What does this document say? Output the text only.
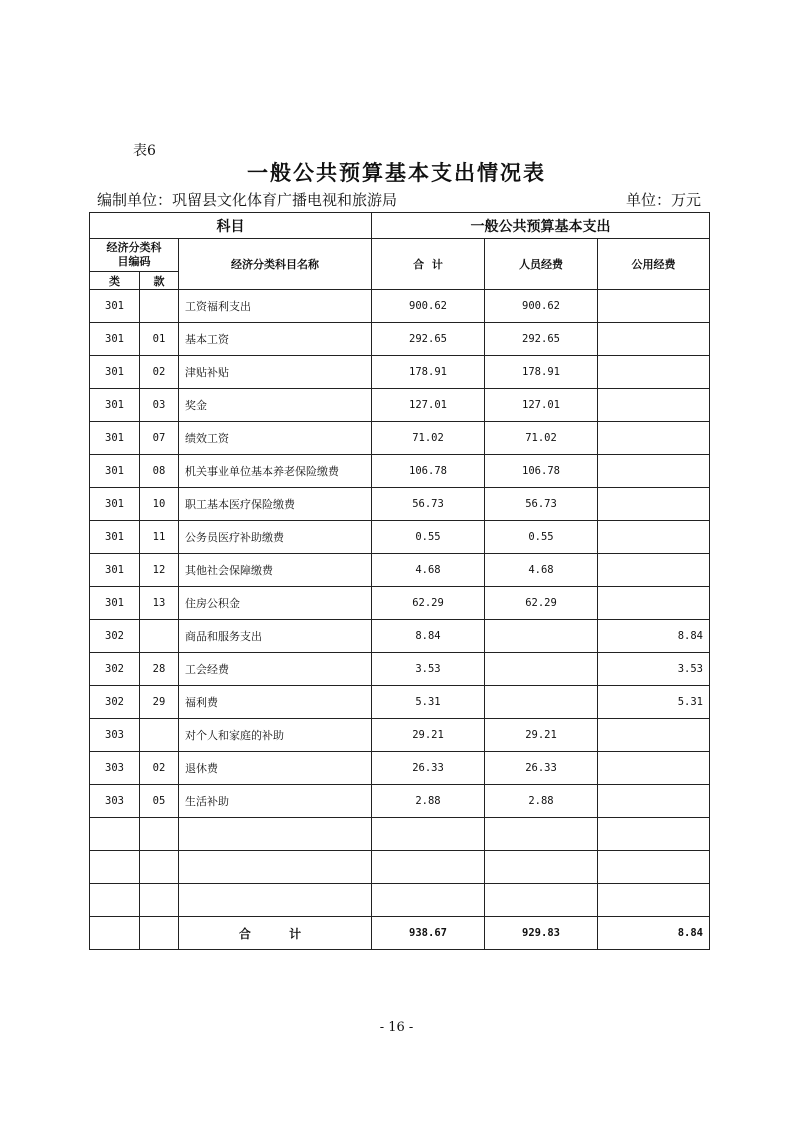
表6
一般公共预算基本支出情况表
编制单位：巩留县文化体育广播电视和旅游局	单位：万元
科目			一般公共预算基本支出		
经济分类科目编码		经济分类科目名称	合  计	人员经费	公用经费
类	款				
301		工资福利支出	900.62	900.62	
301	01	基本工资	292.65	292.65	
301	02	津贴补贴	178.91	178.91	
301	03	奖金	127.01	127.01	
301	07	绩效工资	71.02	71.02	
301	08	机关事业单位基本养老保险缴费	106.78	106.78	
301	10	职工基本医疗保险缴费	56.73	56.73	
301	11	公务员医疗补助缴费	0.55	0.55	
301	12	其他社会保障缴费	4.68	4.68	
301	13	住房公积金	62.29	62.29	
302		商品和服务支出	8.84		8.84
302	28	工会经费	3.53		3.53
302	29	福利费	5.31		5.31
303		对个人和家庭的补助	29.21	29.21	
303	02	退休费	26.33	26.33	
303	05	生活补助	2.88	2.88	

		合  计	938.67	929.83	8.84
- 16 -
